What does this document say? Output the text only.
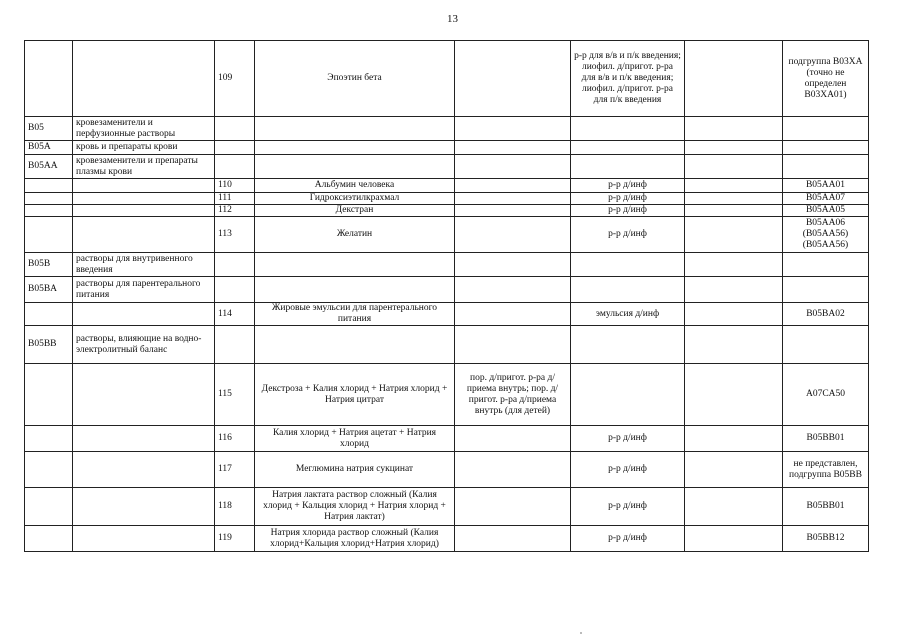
13
		109	Эпоэтин бета		р-р для в/в и п/к введения; лиофил. д/пригот. р-ра для в/в и п/к введения; лиофил. д/пригот. р-ра для п/к введения		подгруппа B03XA (точно не определен B03XA01)
B05	кровезаменители и перфузионные растворы						
B05A	кровь и препараты крови						
B05AA	кровезаменители и препараты плазмы крови						
		110	Альбумин человека		р-р д/инф		B05AA01
		111	Гидроксиэтилкрахмал		р-р д/инф		B05AA07
		112	Декстран		р-р д/инф		B05AA05
		113	Желатин		р-р д/инф		B05AA06 (B05AA56) (B05AA56)
B05B	растворы для внутривенного введения						
B05BA	растворы для парентерального питания						
		114	Жировые эмульсии для парентерального питания		эмульсия д/инф		B05BA02
B05BB	растворы, влияющие на водно-электролитный баланс						
		115	Декстроза + Калия хлорид + Натрия хлорид + Натрия цитрат	пор. д/пригот. р-ра д/приема внутрь; пор. д/пригот. р-ра д/приема внутрь (для детей)			A07CA50
		116	Калия хлорид + Натрия ацетат + Натрия хлорид		р-р д/инф		B05BB01
		117	Меглюмина натрия сукцинат		р-р д/инф		не представлен, подгруппа B05BB
		118	Натрия лактата раствор сложный (Калия хлорид + Кальция хлорид + Натрия хлорид + Натрия лактат)		р-р д/инф		B05BB01
		119	Натрия хлорида раствор сложный (Калия хлорид+Кальция хлорид+Натрия хлорид)		р-р д/инф		B05BB12
